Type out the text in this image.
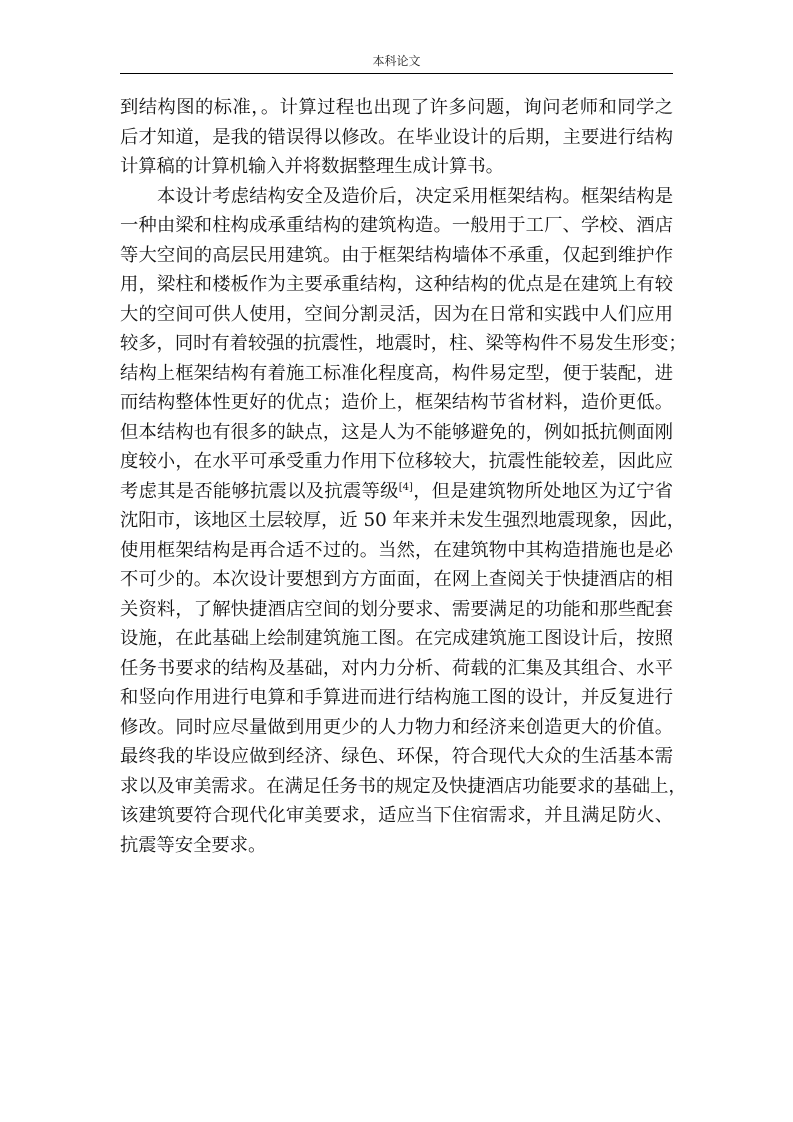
本科论文
到结构图的标准，。计算过程也出现了许多问题，询问老师和同学之
后才知道，是我的错误得以修改。在毕业设计的后期，主要进行结构
计算稿的计算机输入并将数据整理生成计算书。
本设计考虑结构安全及造价后，决定采用框架结构。框架结构是
一种由梁和柱构成承重结构的建筑构造。一般用于工厂、学校、酒店
等大空间的高层民用建筑。由于框架结构墙体不承重，仅起到维护作
用，梁柱和楼板作为主要承重结构，这种结构的优点是在建筑上有较
大的空间可供人使用，空间分割灵活，因为在日常和实践中人们应用
较多，同时有着较强的抗震性，地震时，柱、梁等构件不易发生形变；
结构上框架结构有着施工标准化程度高，构件易定型，便于装配，进
而结构整体性更好的优点；造价上，框架结构节省材料，造价更低。
但本结构也有很多的缺点，这是人为不能够避免的，例如抵抗侧面刚
度较小，在水平可承受重力作用下位移较大，抗震性能较差，因此应
考虑其是否能够抗震以及抗震等级[4]，但是建筑物所处地区为辽宁省
沈阳市，该地区土层较厚，近 50 年来并未发生强烈地震现象，因此，
使用框架结构是再合适不过的。当然，在建筑物中其构造措施也是必
不可少的。本次设计要想到方方面面，在网上查阅关于快捷酒店的相
关资料，了解快捷酒店空间的划分要求、需要满足的功能和那些配套
设施，在此基础上绘制建筑施工图。在完成建筑施工图设计后，按照
任务书要求的结构及基础，对内力分析、荷载的汇集及其组合、水平
和竖向作用进行电算和手算进而进行结构施工图的设计，并反复进行
修改。同时应尽量做到用更少的人力物力和经济来创造更大的价值。
最终我的毕设应做到经济、绿色、环保，符合现代大众的生活基本需
求以及审美需求。在满足任务书的规定及快捷酒店功能要求的基础上，
该建筑要符合现代化审美要求，适应当下住宿需求，并且满足防火、
抗震等安全要求。
